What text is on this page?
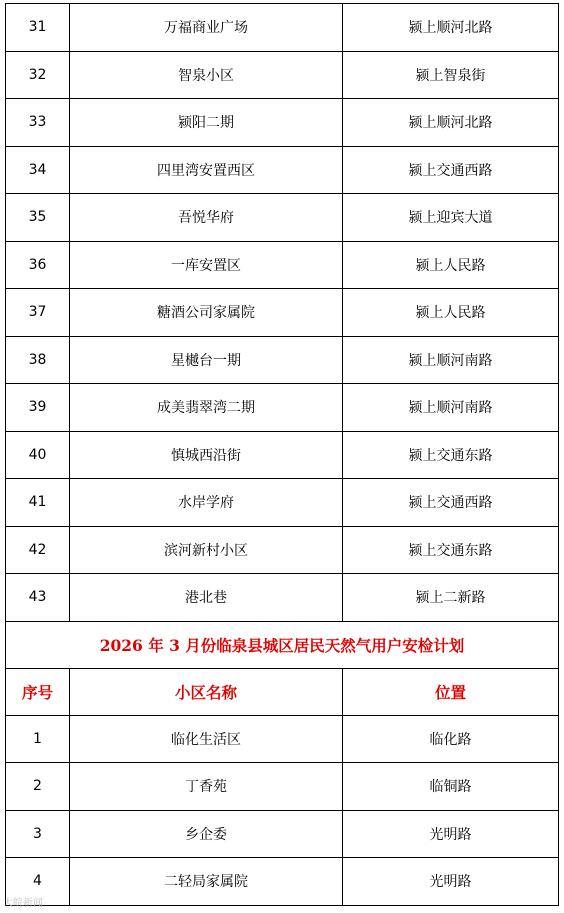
31	万福商业广场	颍上顺河北路
32	智泉小区	颍上智泉街
33	颍阳二期	颍上顺河北路
34	四里湾安置西区	颍上交通西路
35	吾悦华府	颍上迎宾大道
36	一库安置区	颍上人民路
37	糖酒公司家属院	颍上人民路
38	星樾台一期	颍上顺河南路
39	成美翡翠湾二期	颍上顺河南路
40	慎城西沿街	颍上交通东路
41	水岸学府	颍上交通西路
42	滨河新村小区	颍上交通东路
43	港北巷	颍上二新路
2026 年 3 月份临泉县城区居民天然气用户安检计划		
序号	小区名称	位置
1	临化生活区	临化路
2	丁香苑	临铜路
3	乡企委	光明路
4	二轻局家属院	光明路
大皖新闻
